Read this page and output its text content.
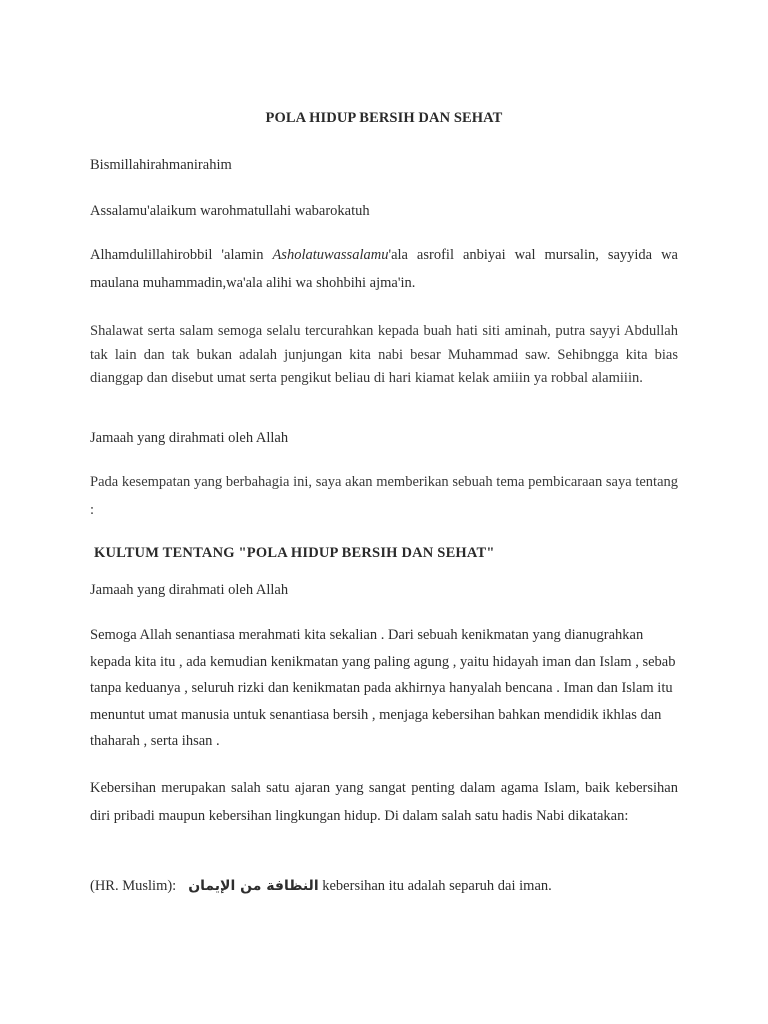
POLA HIDUP BERSIH DAN SEHAT

Bismillahirahmanirahim

Assalamu'alaikum warohmatullahi wabarokatuh

Alhamdulillahirobbil 'alamin Asholatuwassalamu'ala asrofil anbiyai wal mursalin, sayyida wa maulana muhammadin,wa'ala alihi wa shohbihi ajma'in.

Shalawat serta salam semoga selalu tercurahkan kepada buah hati siti aminah, putra sayyi Abdullah tak lain dan tak bukan adalah junjungan kita nabi besar Muhammad saw. Sehibngga kita bias dianggap dan disebut umat serta pengikut beliau di hari kiamat kelak amiiin ya robbal alamiiin.

Jamaah yang dirahmati oleh Allah

Pada kesempatan yang berbahagia ini, saya akan memberikan sebuah tema pembicaraan saya tentang :

KULTUM TENTANG "POLA HIDUP BERSIH DAN SEHAT"

Jamaah yang dirahmati oleh Allah

Semoga Allah senantiasa merahmati kita sekalian . Dari sebuah kenikmatan yang dianugrahkan kepada kita itu , ada kemudian kenikmatan yang paling agung , yaitu hidayah iman dan Islam , sebab tanpa keduanya , seluruh rizki dan kenikmatan pada akhirnya hanyalah bencana . Iman dan Islam itu menuntut umat manusia untuk senantiasa bersih , menjaga kebersihan bahkan mendidik ikhlas dan thaharah , serta ihsan .

Kebersihan merupakan salah satu ajaran yang sangat penting dalam agama Islam, baik kebersihan diri pribadi maupun kebersihan lingkungan hidup. Di dalam salah satu hadis Nabi dikatakan:

(HR. Muslim): النظافة من الإيمان kebersihan itu adalah separuh dai iman.
